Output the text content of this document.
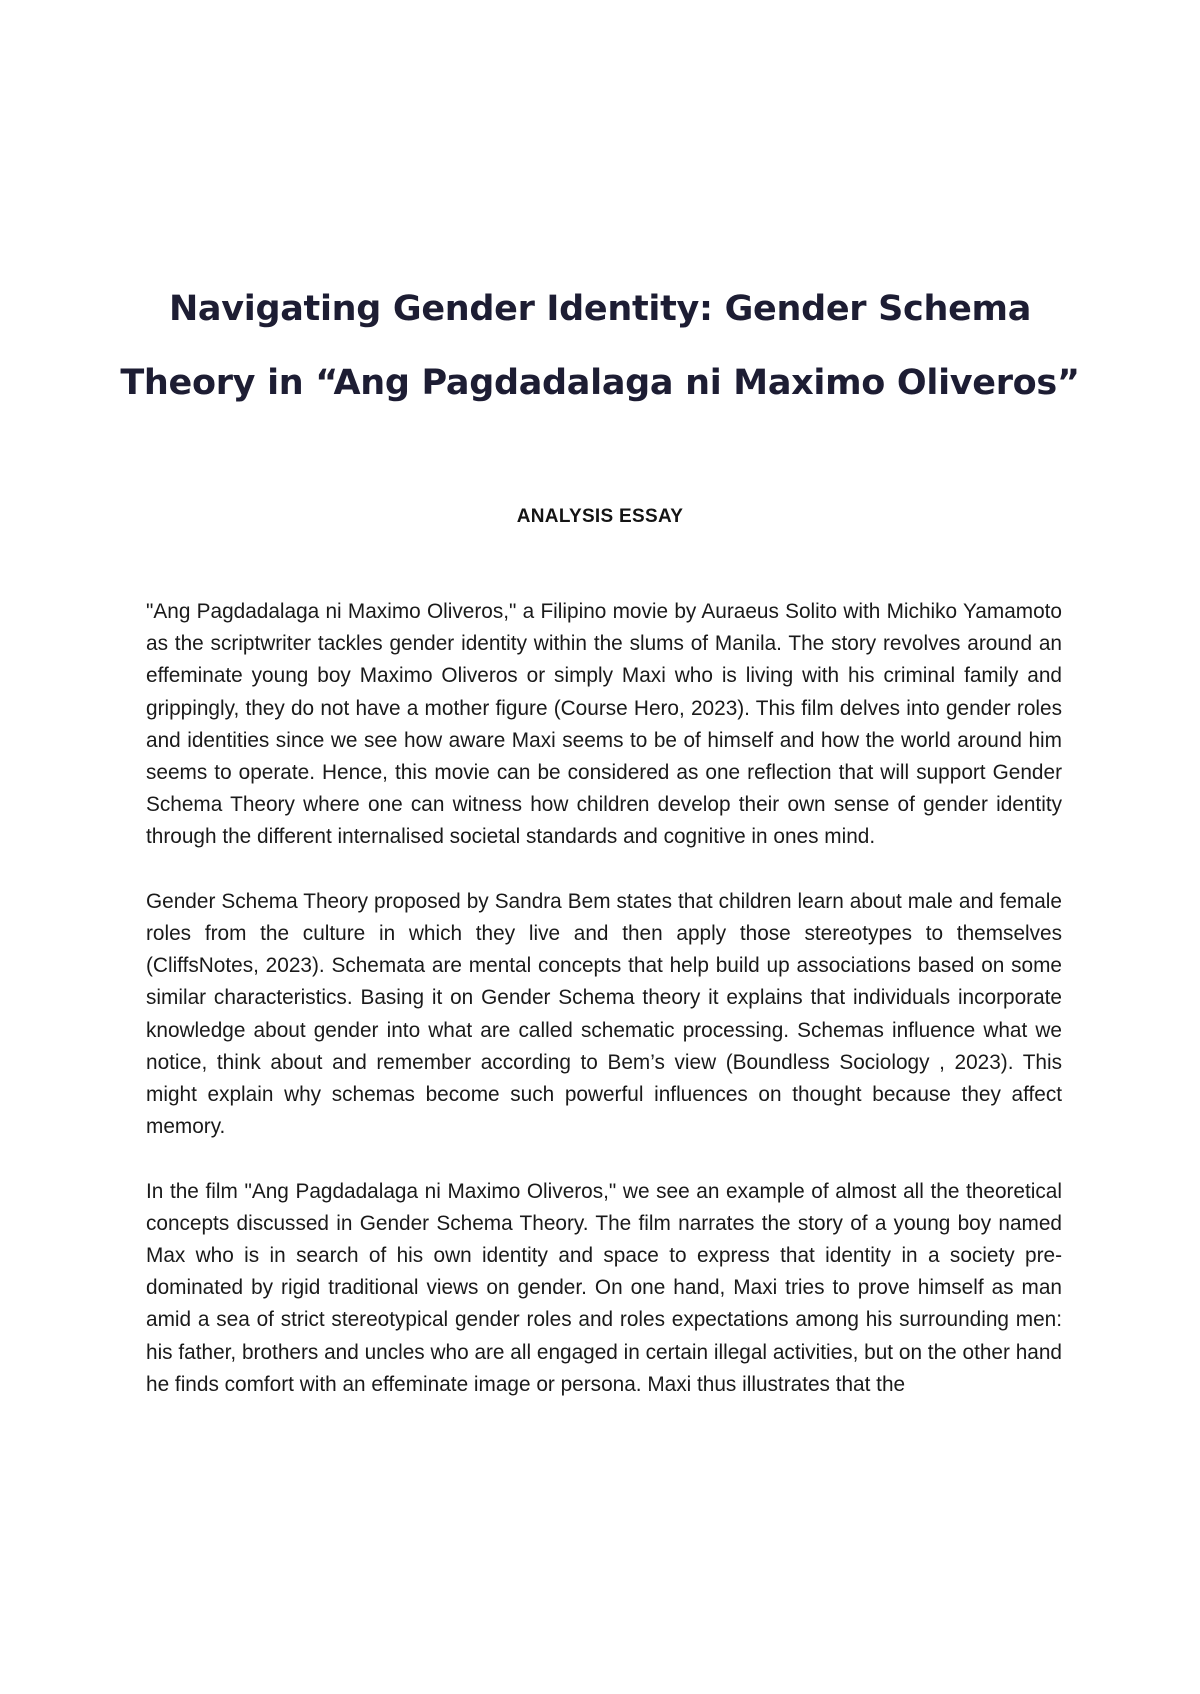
Navigating Gender Identity: Gender Schema Theory in “Ang Pagdadalaga ni Maximo Oliveros”
ANALYSIS ESSAY

"Ang Pagdadalaga ni Maximo Oliveros," a Filipino movie by Auraeus Solito with Michiko Yamamoto as the scriptwriter tackles gender identity within the slums of Manila. The story revolves around an effeminate young boy Maximo Oliveros or simply Maxi who is living with his criminal family and grippingly, they do not have a mother figure (Course Hero, 2023). This film delves into gender roles and identities since we see how aware Maxi seems to be of himself and how the world around him seems to operate. Hence, this movie can be considered as one reflection that will support Gender Schema Theory where one can witness how children develop their own sense of gender identity through the different internalised societal standards and cognitive in ones mind.

Gender Schema Theory proposed by Sandra Bem states that children learn about male and female roles from the culture in which they live and then apply those stereotypes to themselves (CliffsNotes, 2023). Schemata are mental concepts that help build up associations based on some similar characteristics. Basing it on Gender Schema theory it explains that individuals incorporate knowledge about gender into what are called schematic processing. Schemas influence what we notice, think about and remember according to Bem’s view (Boundless Sociology , 2023). This might explain why schemas become such powerful influences on thought because they affect memory.

In the film "Ang Pagdadalaga ni Maximo Oliveros," we see an example of almost all the theoretical concepts discussed in Gender Schema Theory. The film narrates the story of a young boy named Max who is in search of his own identity and space to express that identity in a society pre-dominated by rigid traditional views on gender. On one hand, Maxi tries to prove himself as man amid a sea of strict stereotypical gender roles and roles expectations among his surrounding men: his father, brothers and uncles who are all engaged in certain illegal activities, but on the other hand he finds comfort with an effeminate image or persona. Maxi thus illustrates that the
